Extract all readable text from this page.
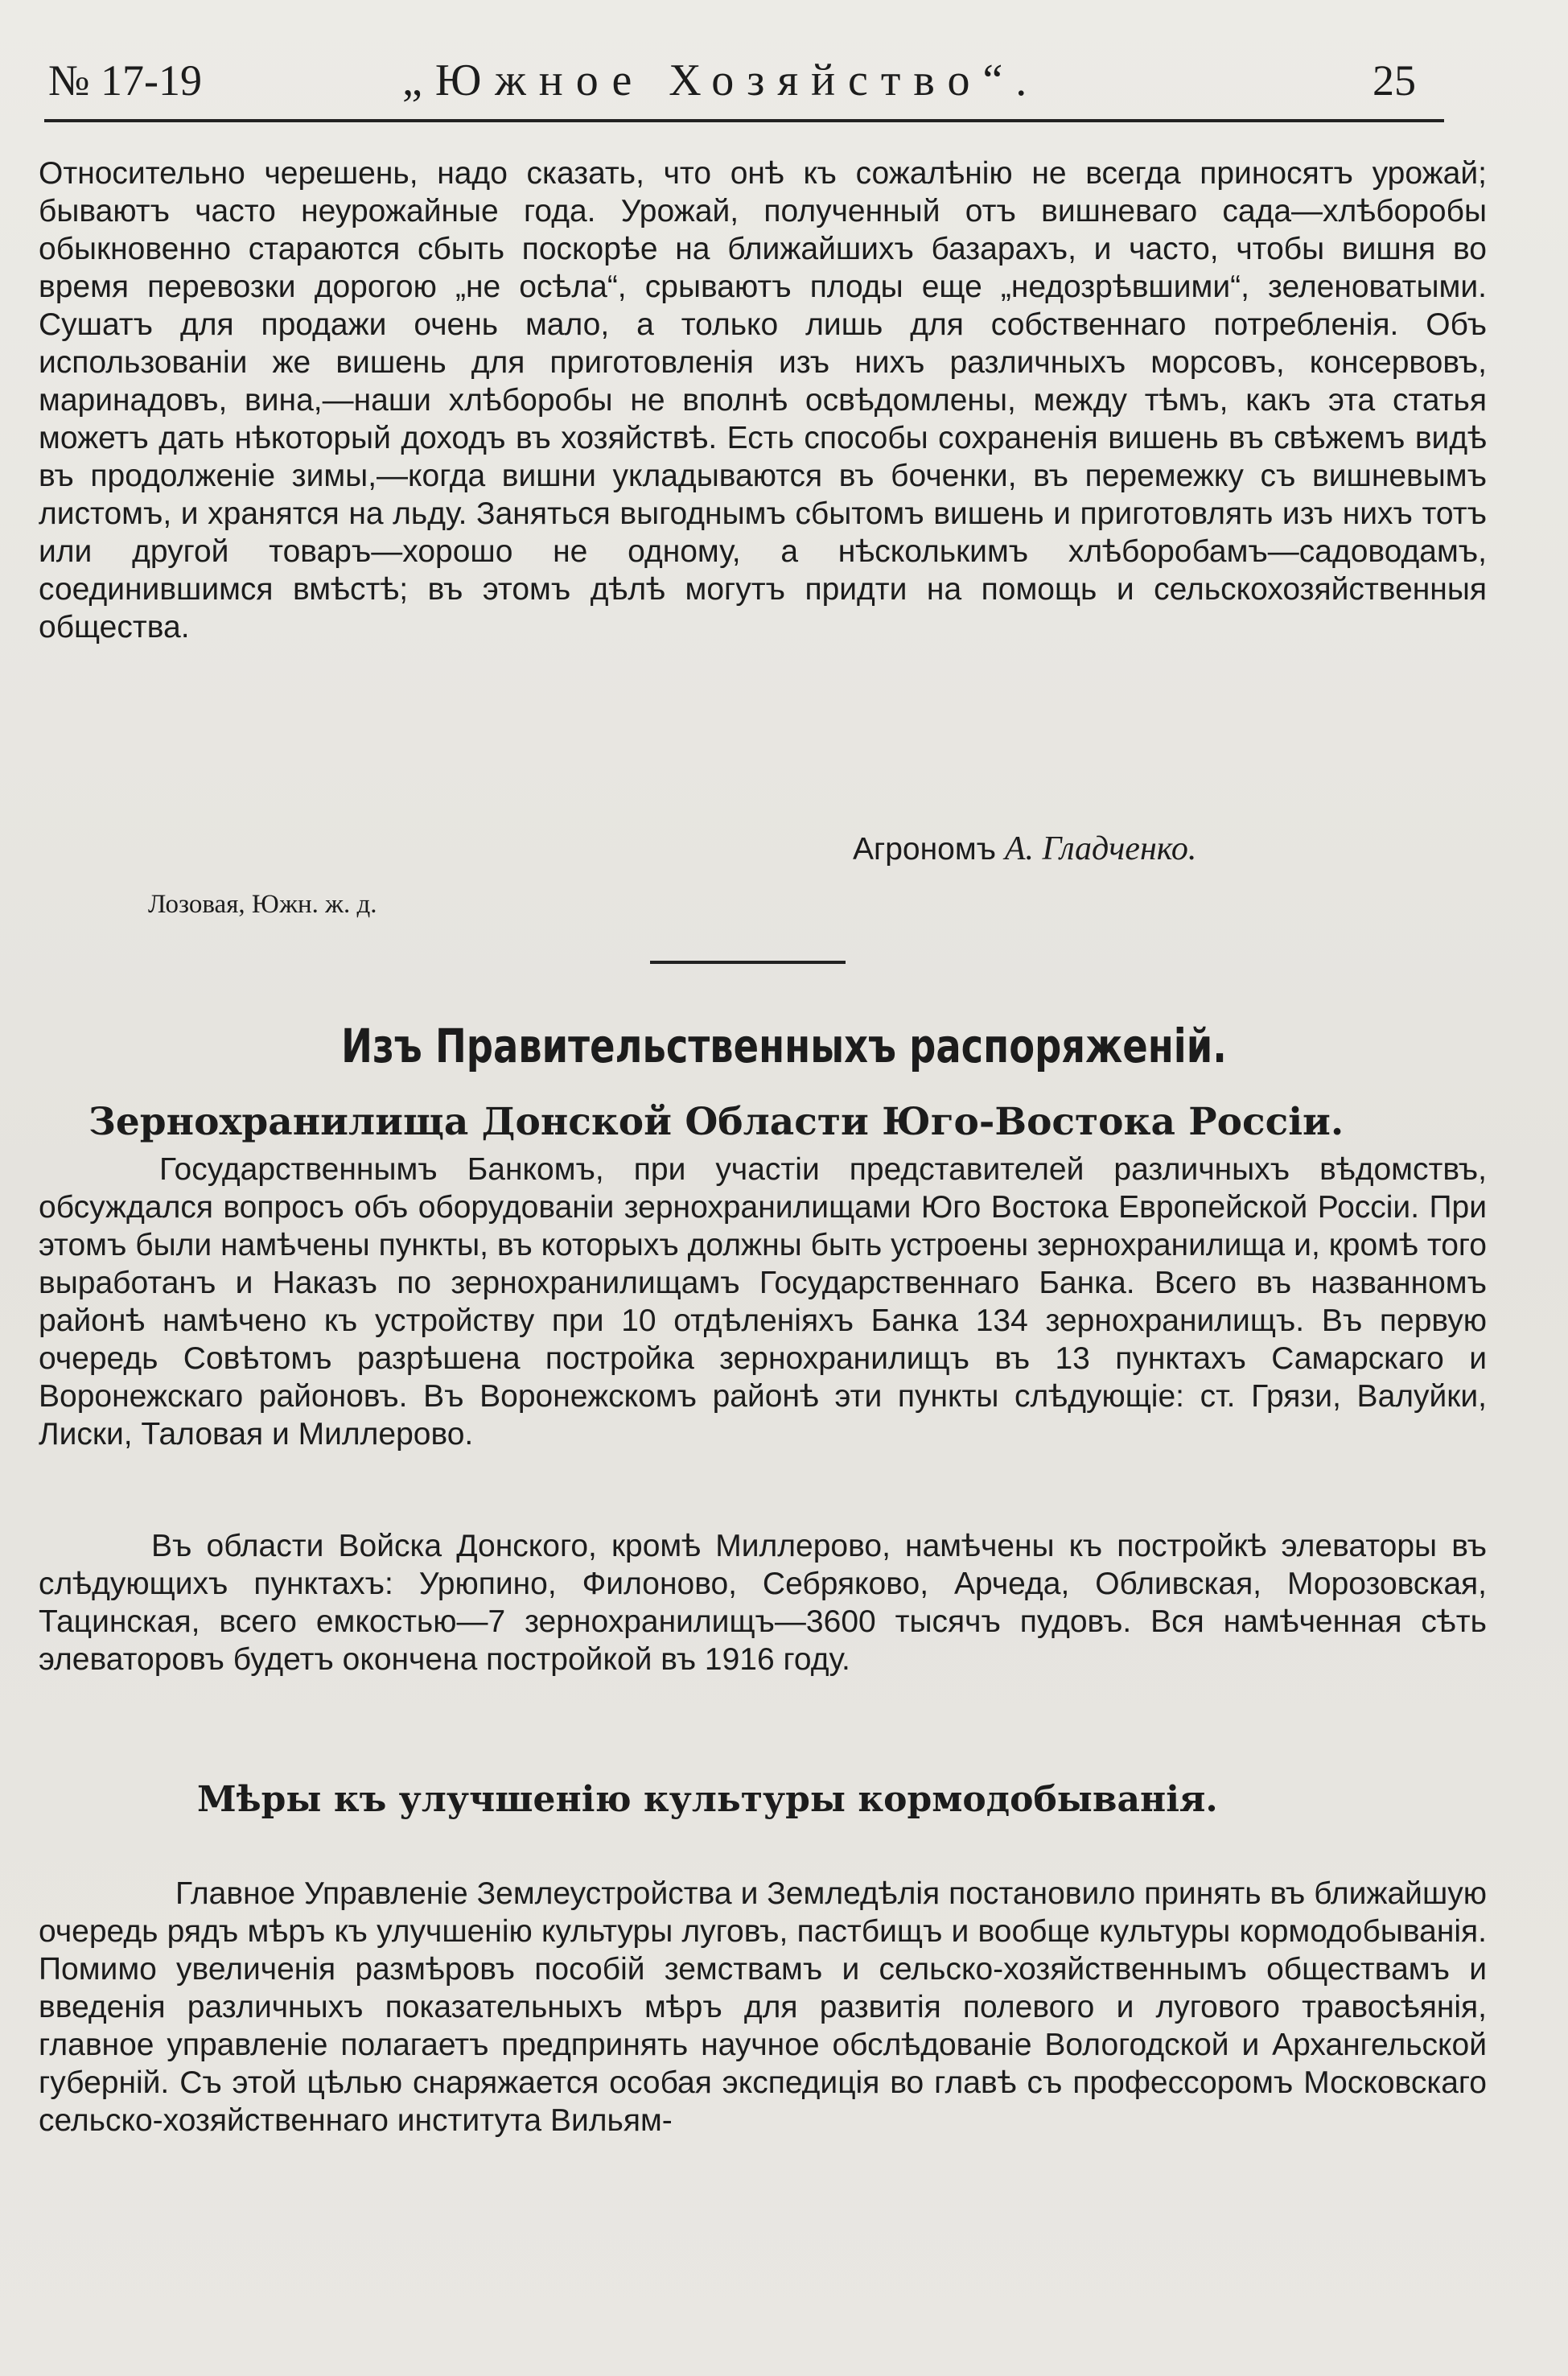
№ 17-19	„Южное Хозяйство“.	25

Относительно черешень, надо сказать, что онѣ къ сожалѣнію не всегда приносятъ урожай; бываютъ часто неурожайные года. Урожай, полученный отъ вишневаго сада—хлѣборобы обыкновенно стараются сбыть поскорѣе на ближайшихъ базарахъ, и часто, чтобы вишня во время перевозки дорогою „не осѣла“, срываютъ плоды еще „недозрѣвшими“, зеленоватыми. Сушатъ для продажи очень мало, а только лишь для собственнаго потребленія. Объ использованіи же вишень для приготовленія изъ нихъ различныхъ морсовъ, консервовъ, маринадовъ, вина,—наши хлѣборобы не вполнѣ освѣдомлены, между тѣмъ, какъ эта статья можетъ дать нѣкоторый доходъ въ хозяйствѣ. Есть способы сохраненія вишень въ свѣжемъ видѣ въ продолженіе зимы,—когда вишни укладываются въ боченки, въ перемежку съ вишневымъ листомъ, и хранятся на льду. Заняться выгоднымъ сбытомъ вишень и приготовлять изъ нихъ тотъ или другой товаръ—хорошо не одному, а нѣсколькимъ хлѣборобамъ—садоводамъ, соединившимся вмѣстѣ; въ этомъ дѣлѣ могутъ придти на помощь и сельскохозяйственныя общества.

Агрономъ А. Гладченко.
Лозовая, Южн. ж. д.
Изъ Правительственныхъ распоряженій.
Зернохранилища Донской Области Юго-Востока Россіи.

Государственнымъ Банкомъ, при участіи представителей различныхъ вѣдомствъ, обсуждался вопросъ объ оборудованіи зернохранилищами Юго Востока Европейской Россіи. При этомъ были намѣчены пункты, въ которыхъ должны быть устроены зернохранилища и, кромѣ того выработанъ и Наказъ по зернохранилищамъ Государственнаго Банка. Всего въ названномъ районѣ намѣчено къ устройству при 10 отдѣленіяхъ Банка 134 зернохранилищъ. Въ первую очередь Совѣтомъ разрѣшена постройка зернохранилищъ въ 13 пунктахъ Самарскаго и Воронежскаго районовъ. Въ Воронежскомъ районѣ эти пункты слѣдующіе: ст. Грязи, Валуйки, Лиски, Таловая и Миллерово.

Въ области Войска Донского, кромѣ Миллерово, намѣчены къ постройкѣ элеваторы въ слѣдующихъ пунктахъ: Урюпино, Филоново, Себряково, Арчеда, Обливская, Морозовская, Тацинская, всего емкостью—7 зернохранилищъ—3600 тысячъ пудовъ. Вся намѣченная сѣть элеваторовъ будетъ окончена постройкой въ 1916 году.

Мѣры къ улучшенію культуры кормодобыванія.

Главное Управленіе Землеустройства и Земледѣлія постановило принять въ ближайшую очередь рядъ мѣръ къ улучшенію культуры луговъ, пастбищъ и вообще культуры кормодобыванія. Помимо увеличенія размѣровъ пособій земствамъ и сельско-хозяйственнымъ обществамъ и введенія различныхъ показательныхъ мѣръ для развитія полевого и лугового травосѣянія, главное управленіе полагаетъ предпринять научное обслѣдованіе Вологодской и Архангельской губерній. Съ этой цѣлью снаряжается особая экспедиція во главѣ съ профессоромъ Московскаго сельско-хозяйственнаго института Вильям-
